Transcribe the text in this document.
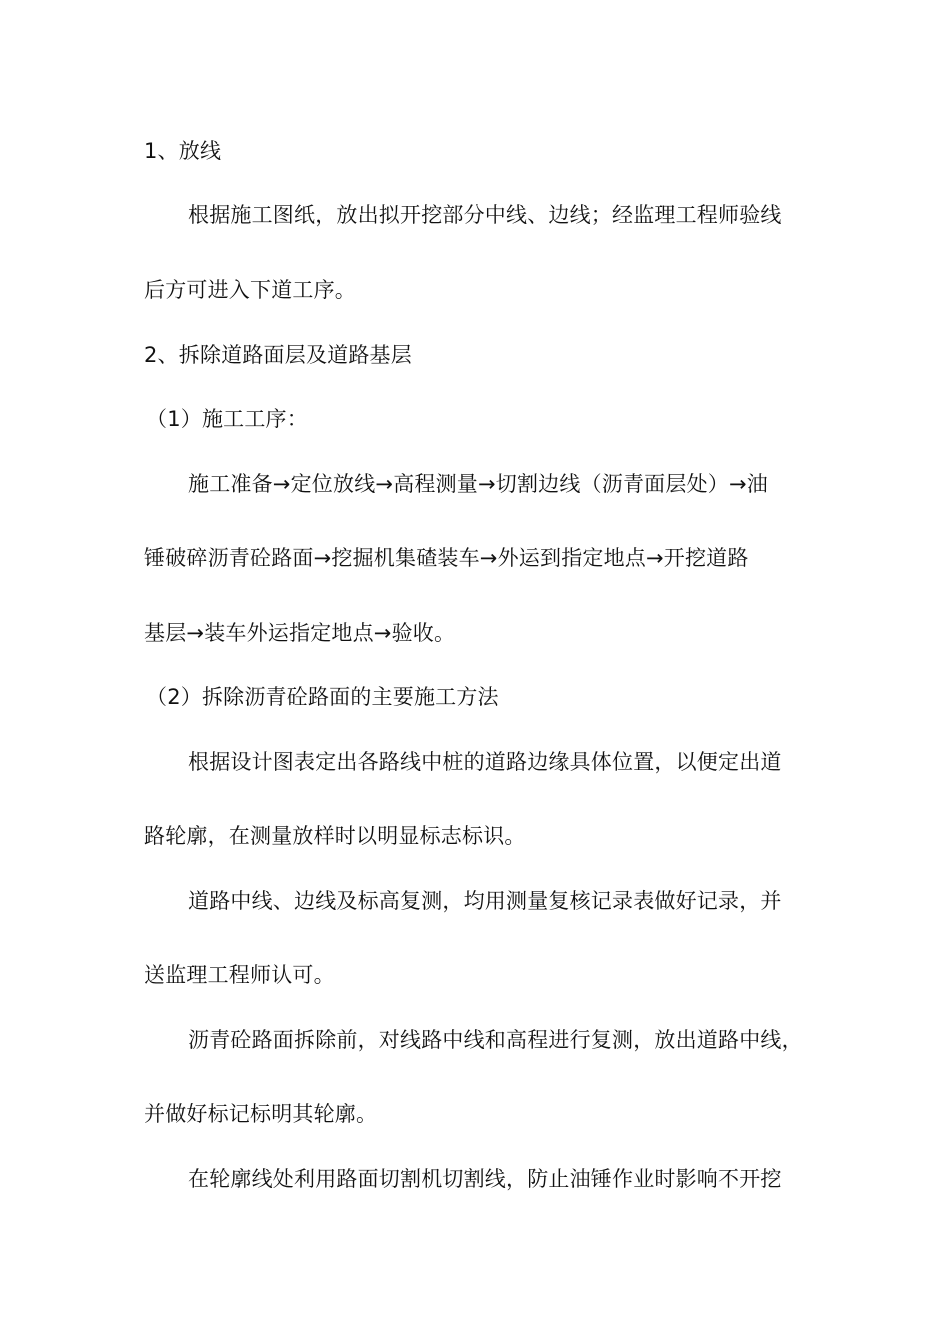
1、放线
根据施工图纸，放出拟开挖部分中线、边线；经监理工程师验线
后方可进入下道工序。
2、拆除道路面层及道路基层
（1）施工工序：
施工准备→定位放线→高程测量→切割边线（沥青面层处）→油
锤破碎沥青砼路面→挖掘机集碴装车→外运到指定地点→开挖道路
基层→装车外运指定地点→验收。
（2）拆除沥青砼路面的主要施工方法
根据设计图表定出各路线中桩的道路边缘具体位置，以便定出道
路轮廓，在测量放样时以明显标志标识。
道路中线、边线及标高复测，均用测量复核记录表做好记录，并
送监理工程师认可。
沥青砼路面拆除前，对线路中线和高程进行复测，放出道路中线，
并做好标记标明其轮廓。
在轮廓线处利用路面切割机切割线，防止油锤作业时影响不开挖
